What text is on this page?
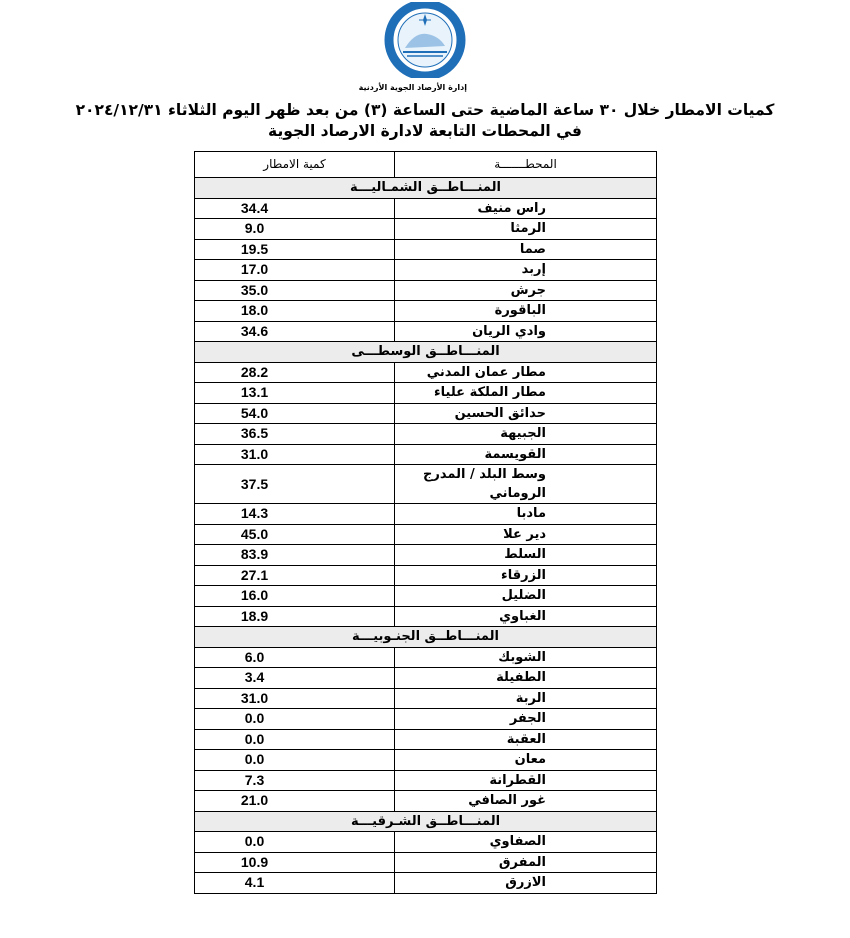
إدارة الأرصاد الجوية الأردنية
كميات الامطار خلال ٣٠ ساعة الماضية حتى الساعة (٣) من بعد ظهر اليوم الثلاثاء ٢٠٢٤/١٢/٣١
في المحطات التابعة لادارة الارصاد الجوية
المحطـــــــة	كمية الامطار
المنـــاطــق الشمـاليـــة	
راس منيف	34.4
الرمثا	9.0
صما	19.5
إربد	17.0
جرش	35.0
الباقورة	18.0
وادي الريان	34.6
المنـــاطــق الوسطـــى	
مطار عمان المدني	28.2
مطار الملكة علياء	13.1
حدائق الحسين	54.0
الجبيهة	36.5
القويسمة	31.0
وسط البلد / المدرج الروماني	37.5
مادبا	14.3
دير علا	45.0
السلط	83.9
الزرقاء	27.1
الضليل	16.0
الغباوي	18.9
المنـــاطــق الجنـوبيـــة	
الشوبك	6.0
الطفيلة	3.4
الربة	31.0
الجفر	0.0
العقبة	0.0
معان	0.0
القطرانة	7.3
غور الصافي	21.0
المنـــاطــق الشـرقيـــة	
الصفاوي	0.0
المفرق	10.9
الازرق	4.1
